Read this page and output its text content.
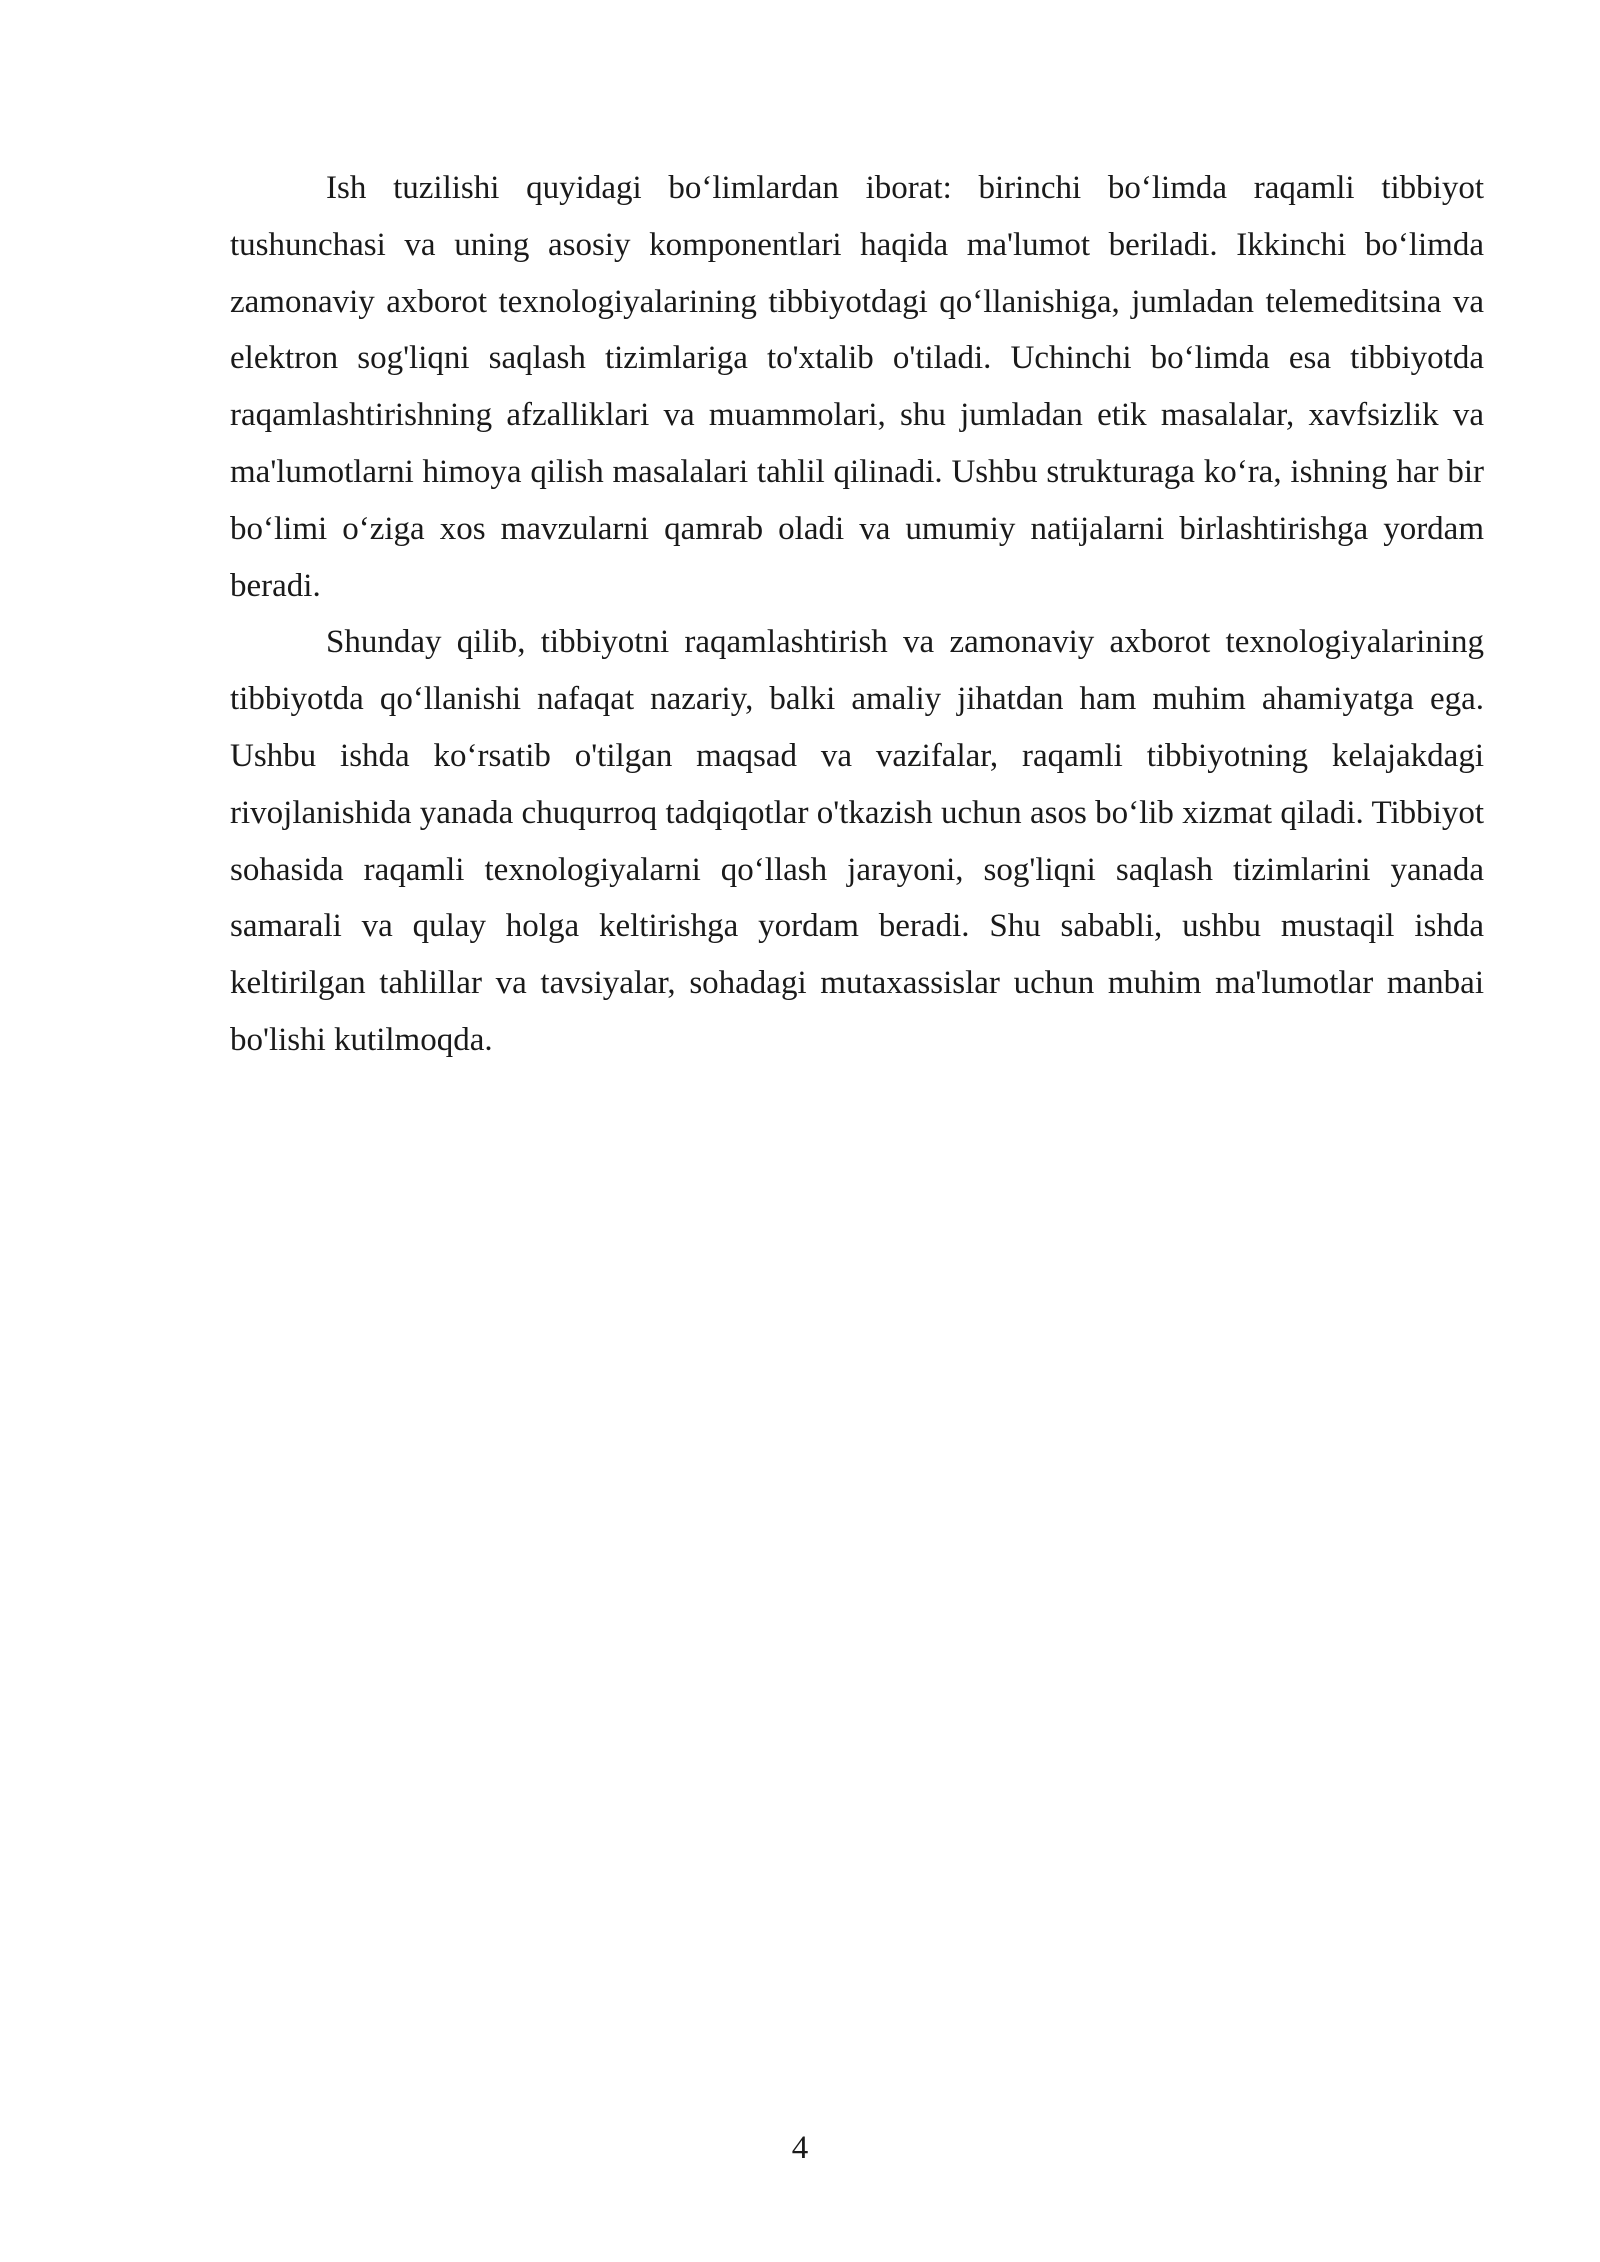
Ish tuzilishi quyidagi bo‘limlardan iborat: birinchi bo‘limda raqamli tibbiyot tushunchasi va uning asosiy komponentlari haqida ma'lumot beriladi. Ikkinchi bo‘limda zamonaviy axborot texnologiyalarining tibbiyotdagi qo‘llanishiga, jumladan telemeditsina va elektron sog'liqni saqlash tizimlariga to'xtalib o'tiladi. Uchinchi bo‘limda esa tibbiyotda raqamlashtirishning afzalliklari va muammolari, shu jumladan etik masalalar, xavfsizlik va ma'lumotlarni himoya qilish masalalari tahlil qilinadi. Ushbu strukturaga ko‘ra, ishning har bir bo‘limi o‘ziga xos mavzularni qamrab oladi va umumiy natijalarni birlashtirishga yordam beradi.

Shunday qilib, tibbiyotni raqamlashtirish va zamonaviy axborot texnologiyalarining tibbiyotda qo‘llanishi nafaqat nazariy, balki amaliy jihatdan ham muhim ahamiyatga ega. Ushbu ishda ko‘rsatib o'tilgan maqsad va vazifalar, raqamli tibbiyotning kelajakdagi rivojlanishida yanada chuqurroq tadqiqotlar o'tkazish uchun asos bo‘lib xizmat qiladi. Tibbiyot sohasida raqamli texnologiyalarni qo‘llash jarayoni, sog'liqni saqlash tizimlarini yanada samarali va qulay holga keltirishga yordam beradi. Shu sababli, ushbu mustaqil ishda keltirilgan tahlillar va tavsiyalar, sohadagi mutaxassislar uchun muhim ma'lumotlar manbai bo'lishi kutilmoqda.

4
